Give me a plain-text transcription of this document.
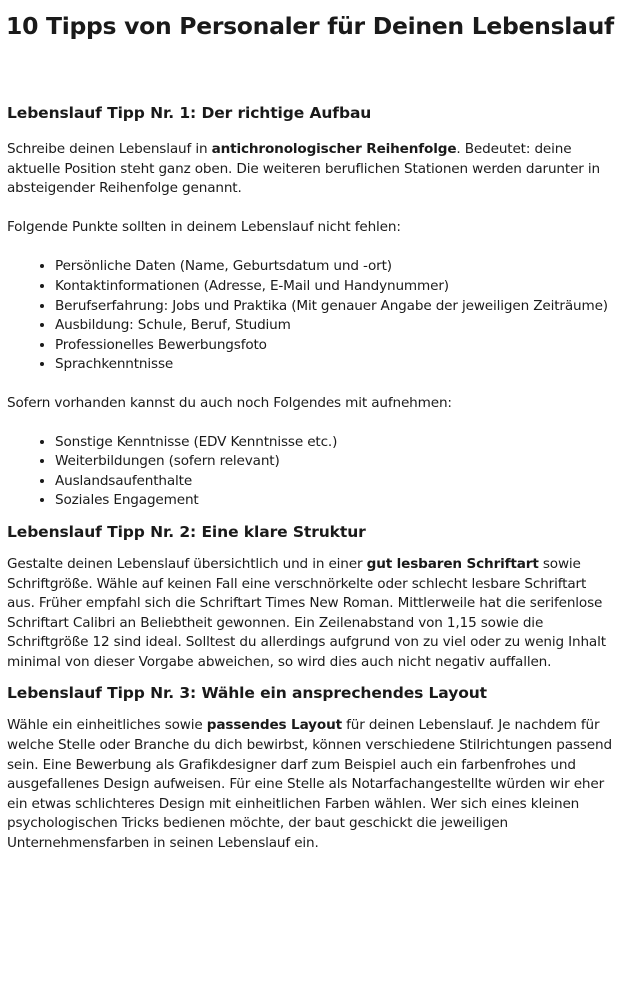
10 Tipps von Personaler für Deinen Lebenslauf
Lebenslauf Tipp Nr. 1: Der richtige Aufbau

Schreibe deinen Lebenslauf in antichronologischer Reihenfolge. Bedeutet: deine aktuelle Position steht ganz oben. Die weiteren beruflichen Stationen werden darunter in absteigender Reihenfolge genannt.

Folgende Punkte sollten in deinem Lebenslauf nicht fehlen:

• Persönliche Daten (Name, Geburtsdatum und -ort)
• Kontaktinformationen (Adresse, E-Mail und Handynummer)
• Berufserfahrung: Jobs und Praktika (Mit genauer Angabe der jeweiligen Zeiträume)
• Ausbildung: Schule, Beruf, Studium
• Professionelles Bewerbungsfoto
• Sprachkenntnisse

Sofern vorhanden kannst du auch noch Folgendes mit aufnehmen:

• Sonstige Kenntnisse (EDV Kenntnisse etc.)
• Weiterbildungen (sofern relevant)
• Auslandsaufenthalte
• Soziales Engagement
Lebenslauf Tipp Nr. 2: Eine klare Struktur

Gestalte deinen Lebenslauf übersichtlich und in einer gut lesbaren Schriftart sowie Schriftgröße. Wähle auf keinen Fall eine verschnörkelte oder schlecht lesbare Schriftart aus. Früher empfahl sich die Schriftart Times New Roman. Mittlerweile hat die serifenlose Schriftart Calibri an Beliebtheit gewonnen. Ein Zeilenabstand von 1,15 sowie die Schriftgröße 12 sind ideal. Solltest du allerdings aufgrund von zu viel oder zu wenig Inhalt minimal von dieser Vorgabe abweichen, so wird dies auch nicht negativ auffallen.

Lebenslauf Tipp Nr. 3: Wähle ein ansprechendes Layout

Wähle ein einheitliches sowie passendes Layout für deinen Lebenslauf. Je nachdem für welche Stelle oder Branche du dich bewirbst, können verschiedene Stilrichtungen passend sein. Eine Bewerbung als Grafikdesigner darf zum Beispiel auch ein farbenfrohes und ausgefallenes Design aufweisen. Für eine Stelle als Notarfachangestellte würden wir eher ein etwas schlichteres Design mit einheitlichen Farben wählen. Wer sich eines kleinen psychologischen Tricks bedienen möchte, der baut geschickt die jeweiligen Unternehmensfarben in seinen Lebenslauf ein.
